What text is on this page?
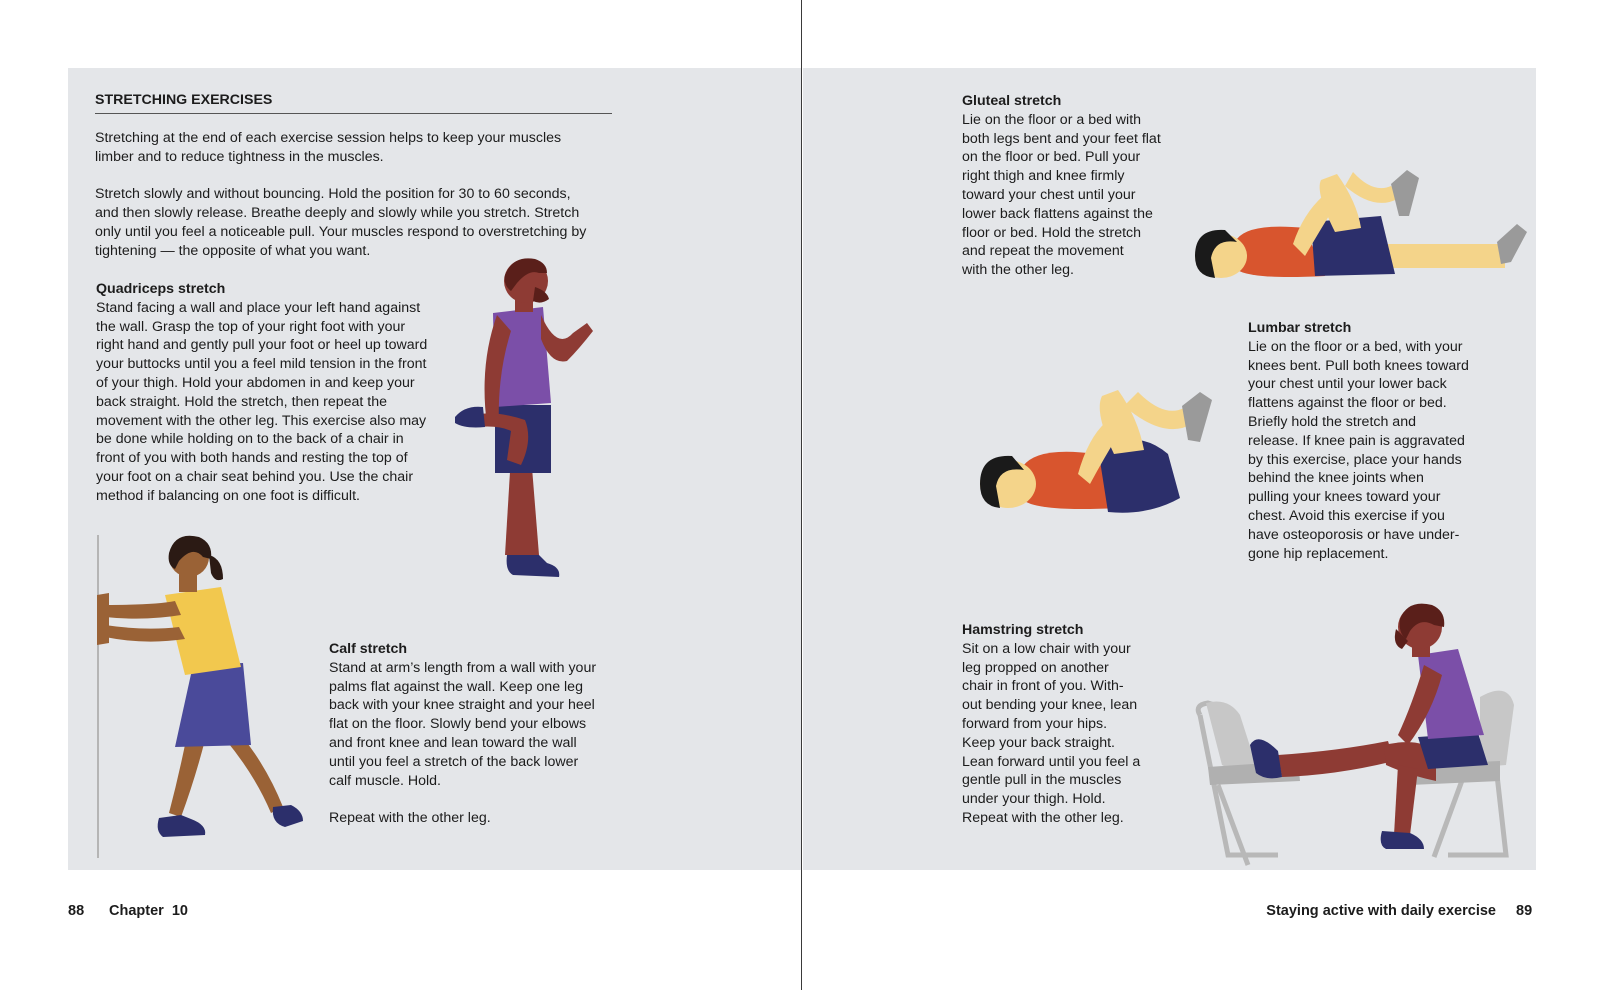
STRETCHING EXERCISES

Stretching at the end of each exercise session helps to keep your muscles

limber and to reduce tightness in the muscles.

Stretch slowly and without bouncing. Hold the position for 30 to 60 seconds,

and then slowly release. Breathe deeply and slowly while you stretch. Stretch

only until you feel a noticeable pull. Your muscles respond to overstretching by

tightening — the opposite of what you want.

Quadriceps stretch

Stand facing a wall and place your left hand against

the wall. Grasp the top of your right foot with your

right hand and gently pull your foot or heel up toward

your buttocks until you a feel mild tension in the front

of your thigh. Hold your abdomen in and keep your

back straight. Hold the stretch, then repeat the

movement with the other leg. This exercise also may

be done while holding on to the back of a chair in

front of you with both hands and resting the top of

your foot on a chair seat behind you. Use the chair

method if balancing on one foot is difficult.

Calf stretch

Stand at arm’s length from a wall with your

palms flat against the wall. Keep one leg

back with your knee straight and your heel

flat on the floor. Slowly bend your elbows

and front knee and lean toward the wall

until you feel a stretch of the back lower

calf muscle. Hold.

Repeat with the other leg.

Gluteal stretch

Lie on the floor or a bed with

both legs bent and your feet flat

on the floor or bed. Pull your

right thigh and knee firmly

toward your chest until your

lower back flattens against the

floor or bed. Hold the stretch

and repeat the movement

with the other leg.

Lumbar stretch

Lie on the floor or a bed, with your

knees bent. Pull both knees toward

your chest until your lower back

flattens against the floor or bed.

Briefly hold the stretch and

release. If knee pain is aggravated

by this exercise, place your hands

behind the knee joints when

pulling your knees toward your

chest. Avoid this exercise if you

have osteoporosis or have under-

gone hip replacement.

Hamstring stretch

Sit on a low chair with your

leg propped on another

chair in front of you. With-

out bending your knee, lean

forward from your hips.

Keep your back straight.

Lean forward until you feel a

gentle pull in the muscles

under your thigh. Hold.

Repeat with the other leg.

88 Chapter  10	Staying active with daily exercise 89
